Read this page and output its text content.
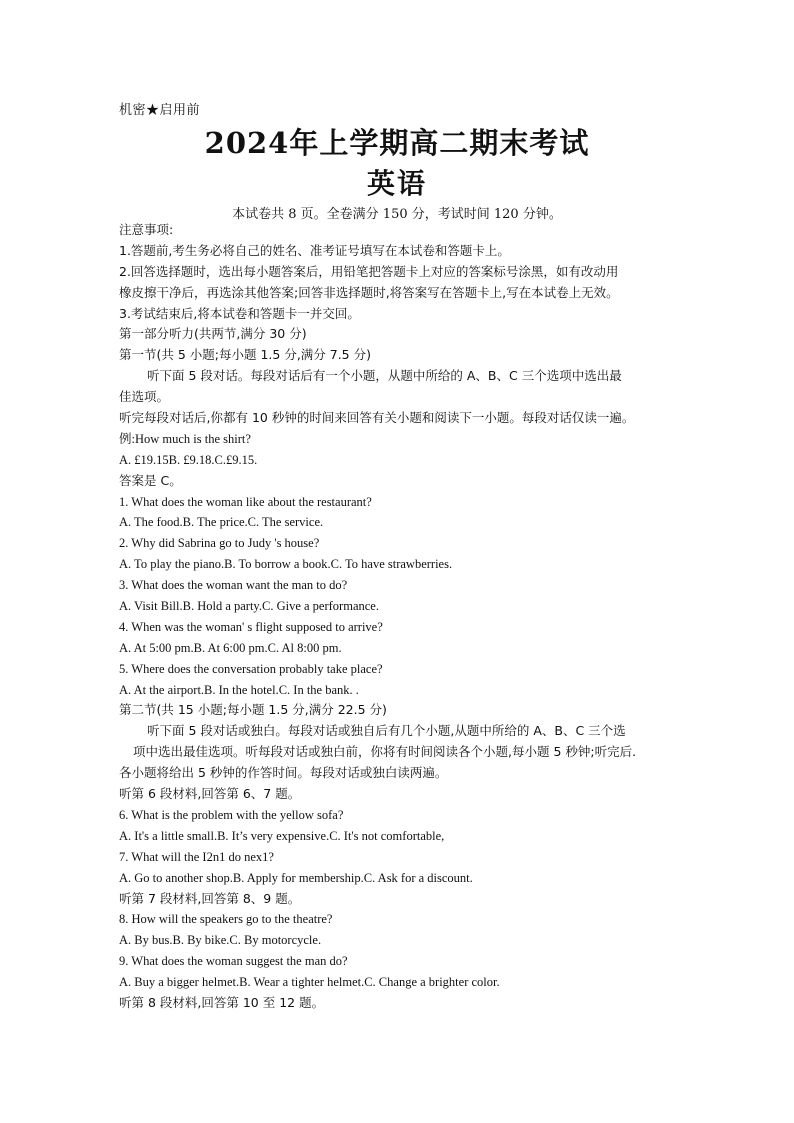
机密★启用前
2024年上学期高二期末考试
英语
本试卷共 8 页。全卷满分 150 分，考试时间 120 分钟。
注意事项:
1.答题前,考生务必将自己的姓名、准考证号填写在本试卷和答题卡上。
2.回答选择题时，选出每小题答案后，用铅笔把答题卡上对应的答案标号涂黑，如有改动用
橡皮擦干净后，再选涂其他答案;回答非选择题时,将答案写在答题卡上,写在本试卷上无效。
3.考试结束后,将本试卷和答题卡一并交回。
第一部分听力(共两节,满分 30 分)
第一节(共 5 小题;每小题 1.5 分,满分 7.5 分)
听下面 5 段对话。每段对话后有一个小题，从题中所给的 A、B、C 三个选项中选出最
佳选项。
听完每段对话后,你都有 10 秒钟的时间来回答有关小题和阅读下一小题。每段对话仅读一遍。
例:How much is the shirt?
A. £19.15B. £9.18.C.£9.15.
答案是 C。
1. What does the woman like about the restaurant?
A. The food.B. The price.C. The service.
2. Why did Sabrina go to Judy 's house?
A. To play the piano.B. To borrow a book.C. To have strawberries.
3. What does the woman want the man to do?
A. Visit Bill.B. Hold a party.C. Give a performance.
4. When was the woman' s flight supposed to arrive?
A. At 5:00 pm.B. At 6:00 pm.C. Al 8:00 pm.
5. Where does the conversation probably take place?
A. At the airport.B. In the hotel.C. In the bank. .
第二节(共 15 小题;每小题 1.5 分,满分 22.5 分)
听下面 5 段对话或独白。每段对话或独自后有几个小题,从题中所给的 A、B、C 三个选
项中选出最佳选项。听每段对话或独白前，你将有时间阅读各个小题,每小题 5 秒钟;听完后.
各小题将给出 5 秒钟的作答时间。每段对话或独白读两遍。
听第 6 段材料,回答第 6、7 题。
6. What is the problem with the yellow sofa?
A. It's a little small.B. It’s very expensive.C. It's not comfortable,
7. What will the I2n1 do nex1?
A. Go to another shop.B. Apply for membership.C. Ask for a discount.
听第 7 段材料,回答第 8、9 题。
8. How will the speakers go to the theatre?
A. By bus.B. By bike.C. By motorcycle.
9. What does the woman suggest the man do?
A. Buy a bigger helmet.B. Wear a tighter helmet.C. Change a brighter color.
听第 8 段材料,回答第 10 至 12 题。
